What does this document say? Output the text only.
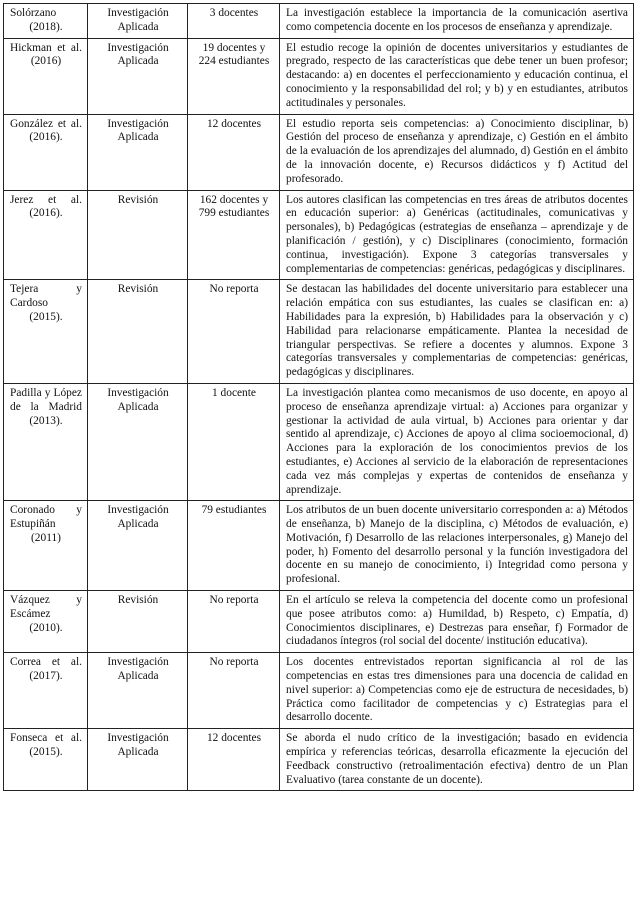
Solórzano (2018).	Investigación Aplicada	3 docentes	La investigación establece la importancia de la comunicación asertiva como competencia docente en los procesos de enseñanza y aprendizaje.
Hickman et al. (2016)	Investigación Aplicada	19 docentes y 224 estudiantes	El estudio recoge la opinión de docentes universitarios y estudiantes de pregrado, respecto de las características que debe tener un buen profesor; destacando: a) en docentes el perfeccionamiento y educación continua, el conocimiento y la responsabilidad del rol; y b) y en estudiantes, atributos actitudinales y personales.
González et al. (2016).	Investigación Aplicada	12 docentes	El estudio reporta seis competencias: a) Conocimiento disciplinar, b) Gestión del proceso de enseñanza y aprendizaje, c) Gestión en el ámbito de la evaluación de los aprendizajes del alumnado, d) Gestión en el ámbito de la innovación docente, e) Recursos didácticos y f) Actitud del profesorado.
Jerez et al. (2016).	Revisión	162 docentes y 799 estudiantes	Los autores clasifican las competencias en tres áreas de atributos docentes en educación superior: a) Genéricas (actitudinales, comunicativas y personales), b) Pedagógicas (estrategias de enseñanza – aprendizaje y de planificación / gestión), y c) Disciplinares (conocimiento, formación continua, investigación). Expone 3 categorías transversales y complementarias de competencias: genéricas, pedagógicas y disciplinares.
Tejera y Cardoso (2015).	Revisión	No reporta	Se destacan las habilidades del docente universitario para establecer una relación empática con sus estudiantes, las cuales se clasifican en: a) Habilidades para la expresión, b) Habilidades para la observación y c) Habilidad para relacionarse empáticamente. Plantea la necesidad de triangular perspectivas. Se refiere a docentes y alumnos. Expone 3 categorías transversales y complementarias de competencias: genéricas, pedagógicas y disciplinares.
Padilla y López de la Madrid (2013).	Investigación Aplicada	1 docente	La investigación plantea como mecanismos de uso docente, en apoyo al proceso de enseñanza aprendizaje virtual: a) Acciones para organizar y gestionar la actividad de aula virtual, b) Acciones para orientar y dar sentido al aprendizaje, c) Acciones de apoyo al clima socioemocional, d) Acciones para la exploración de los conocimientos previos de los estudiantes, e) Acciones al servicio de la elaboración de representaciones cada vez más complejas y expertas de contenidos de enseñanza y aprendizaje.
Coronado y Estupiñán (2011)	Investigación Aplicada	79 estudiantes	Los atributos de un buen docente universitario corresponden a: a) Métodos de enseñanza, b) Manejo de la disciplina, c) Métodos de evaluación, e) Motivación, f) Desarrollo de las relaciones interpersonales, g) Manejo del poder, h) Fomento del desarrollo personal y la función investigadora del docente en su manejo de conocimiento, i) Integridad como persona y profesional.
Vázquez y Escámez (2010).	Revisión	No reporta	En el artículo se releva la competencia del docente como un profesional que posee atributos como: a) Humildad, b) Respeto, c) Empatía, d) Conocimientos disciplinares, e) Destrezas para enseñar, f) Formador de ciudadanos íntegros (rol social del docente/ institución educativa).
Correa et al. (2017).	Investigación Aplicada	No reporta	Los docentes entrevistados reportan significancia al rol de las competencias en estas tres dimensiones para una docencia de calidad en nivel superior: a) Competencias como eje de estructura de necesidades, b) Práctica como facilitador de competencias y c) Estrategias para el desarrollo docente.
Fonseca et al. (2015).	Investigación Aplicada	12 docentes	Se aborda el nudo crítico de la investigación; basado en evidencia empírica y referencias teóricas, desarrolla eficazmente la ejecución del Feedback constructivo (retroalimentación efectiva) dentro de un Plan Evaluativo (tarea constante de un docente).
